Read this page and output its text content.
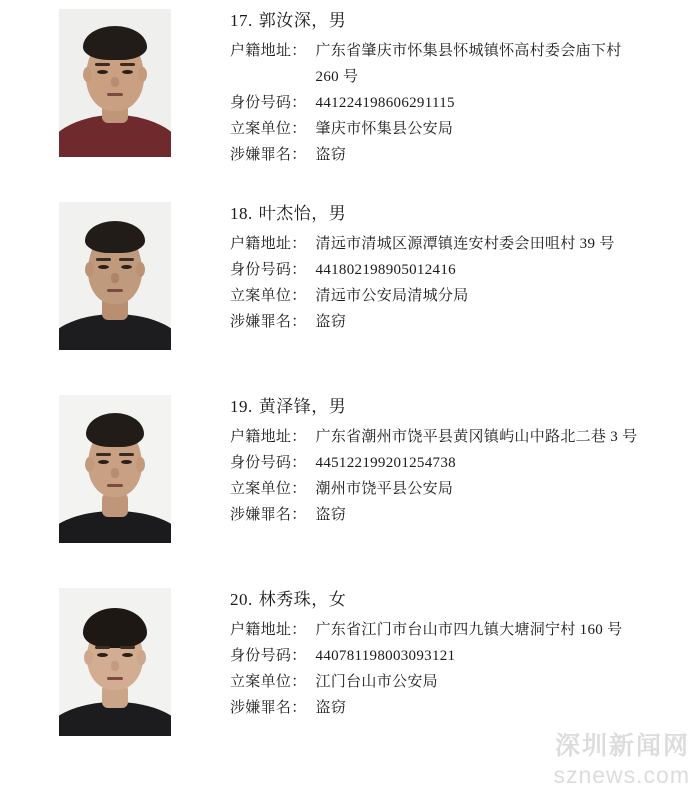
17. 郭汝深，男
户籍地址： 广东省肇庆市怀集县怀城镇怀高村委会庙下村 260 号
身份号码： 441224198606291115
立案单位： 肇庆市怀集县公安局
涉嫌罪名： 盗窃
18. 叶杰怡，男
户籍地址： 清远市清城区源潭镇连安村委会田咀村 39 号
身份号码： 441802198905012416
立案单位： 清远市公安局清城分局
涉嫌罪名： 盗窃
19. 黄泽锋，男
户籍地址： 广东省潮州市饶平县黄冈镇屿山中路北二巷 3 号
身份号码： 445122199201254738
立案单位： 潮州市饶平县公安局
涉嫌罪名： 盗窃
20. 林秀珠，女
户籍地址： 广东省江门市台山市四九镇大塘洞宁村 160 号
身份号码： 440781198003093121
立案单位： 江门台山市公安局
涉嫌罪名： 盗窃
深圳新闻网
sznews.com
